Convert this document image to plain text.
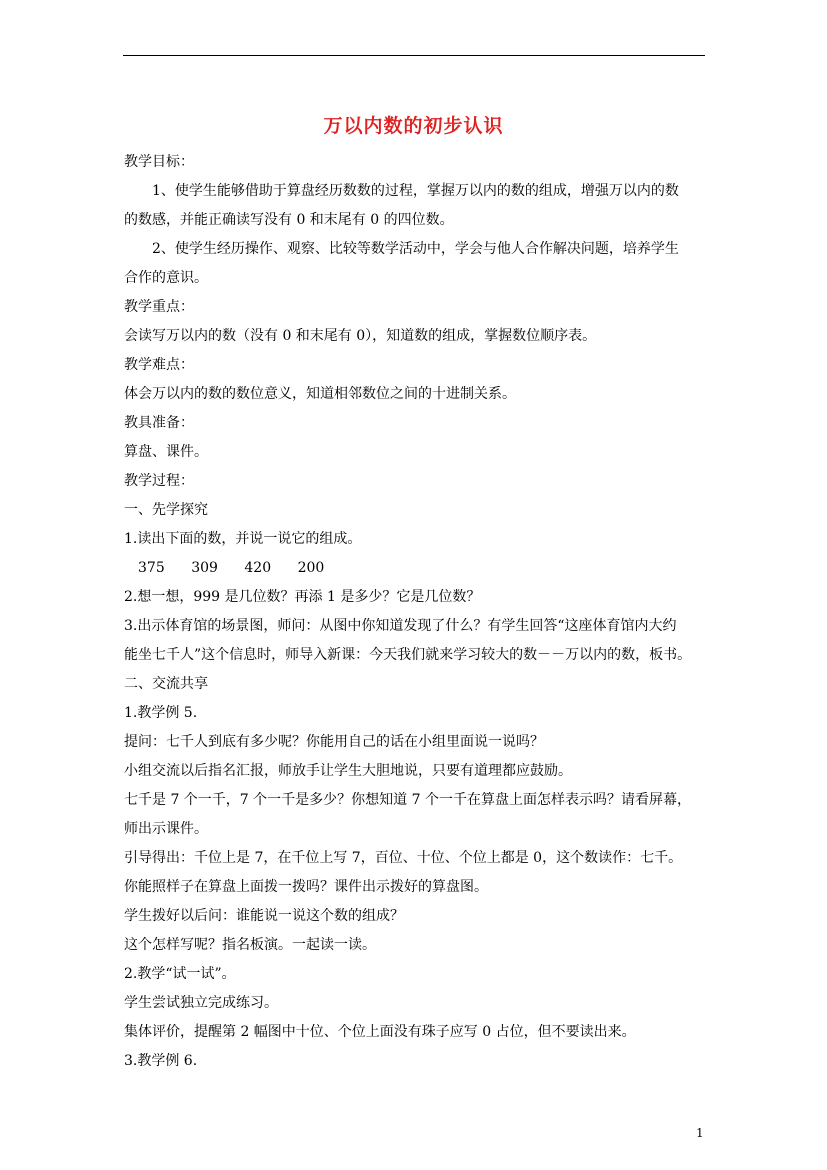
万以内数的初步认识

教学目标：

1、使学生能够借助于算盘经历数数的过程，掌握万以内的数的组成，增强万以内的数

的数感，并能正确读写没有 0 和末尾有 0 的四位数。

2、使学生经历操作、观察、比较等数学活动中，学会与他人合作解决问题，培养学生

合作的意识。

教学重点：

会读写万以内的数（没有 0 和末尾有 0），知道数的组成，掌握数位顺序表。

教学难点：

体会万以内的数的数位意义，知道相邻数位之间的十进制关系。

教具准备：

算盘、课件。

教学过程：

一、先学探究

1.读出下面的数，并说一说它的组成。

375 309 420 200

2.想一想，999 是几位数？再添 1 是多少？它是几位数？

3.出示体育馆的场景图，师问：从图中你知道发现了什么？有学生回答“这座体育馆内大约

能坐七千人”这个信息时，师导入新课：今天我们就来学习较大的数－－万以内的数，板书。

二、交流共享

1.教学例 5.

提问：七千人到底有多少呢？你能用自己的话在小组里面说一说吗？

小组交流以后指名汇报，师放手让学生大胆地说，只要有道理都应鼓励。

七千是 7 个一千，7 个一千是多少？你想知道 7 个一千在算盘上面怎样表示吗？请看屏幕，

师出示课件。

引导得出：千位上是 7，在千位上写 7，百位、十位、个位上都是 0，这个数读作：七千。

你能照样子在算盘上面拨一拨吗？课件出示拨好的算盘图。

学生拨好以后问：谁能说一说这个数的组成？

这个怎样写呢？指名板演。一起读一读。

2.教学“试一试”。

学生尝试独立完成练习。

集体评价，提醒第 2 幅图中十位、个位上面没有珠子应写 0 占位，但不要读出来。

3.教学例 6.

1
